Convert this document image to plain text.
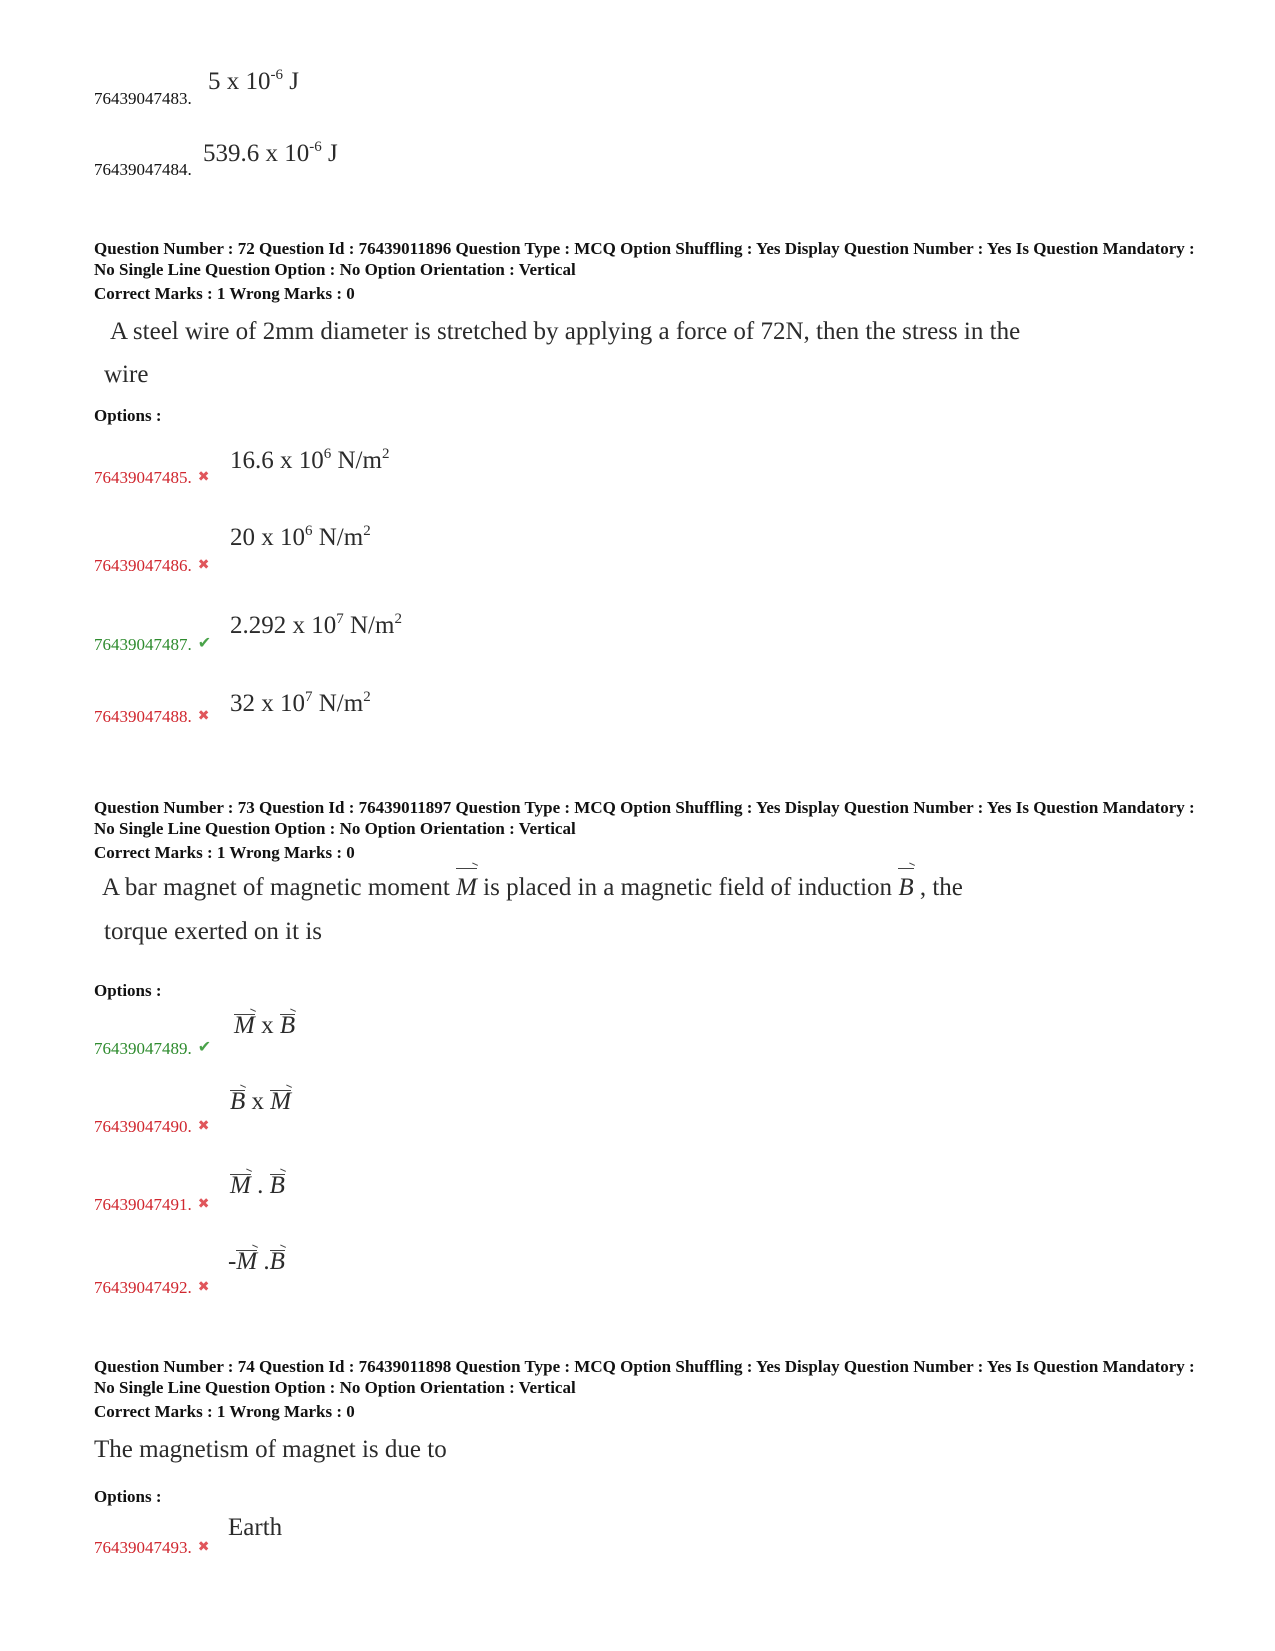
76439047483.
5 x $10^{-6}$ J
76439047484.
539.6 x $10^{-6}$ J
Question Number : 72 Question Id : 76439011896 Question Type : MCQ Option Shuffling : Yes Display Question Number : Yes Is Question Mandatory : No Single Line Question Option : No Option Orientation : Vertical
Correct Marks : 1 Wrong Marks : 0
A steel wire of 2mm diameter is stretched by applying a force of 72N, then the stress in the
wire
Options :
76439047485. ✖
16.6 x $10^6$ $N/m^2$
76439047486. ✖
20 x $10^6$ $N/m^2$
76439047487. ✔
2.292 x $10^7$ $N/m^2$
76439047488. ✖ 32 x $10^7$ $N/m^2$
Question Number : 73 Question Id : 76439011897 Question Type : MCQ Option Shuffling : Yes Display Question Number : Yes Is Question Mandatory : No Single Line Question Option : No Option Orientation : Vertical
Correct Marks : 1 Wrong Marks : 0
A bar magnet of magnetic moment M is placed in a magnetic field of induction B , the
torque exerted on it is
Options :
76439047489. ✔
M x B
76439047490. ✖
B x M
76439047491. ✖
M . B
76439047492. ✖
-M .B
Question Number : 74 Question Id : 76439011898 Question Type : MCQ Option Shuffling : Yes Display Question Number : Yes Is Question Mandatory : No Single Line Question Option : No Option Orientation : Vertical
Correct Marks : 1 Wrong Marks : 0
The magnetism of magnet is due to
Options :
76439047493. ✖
Earth
